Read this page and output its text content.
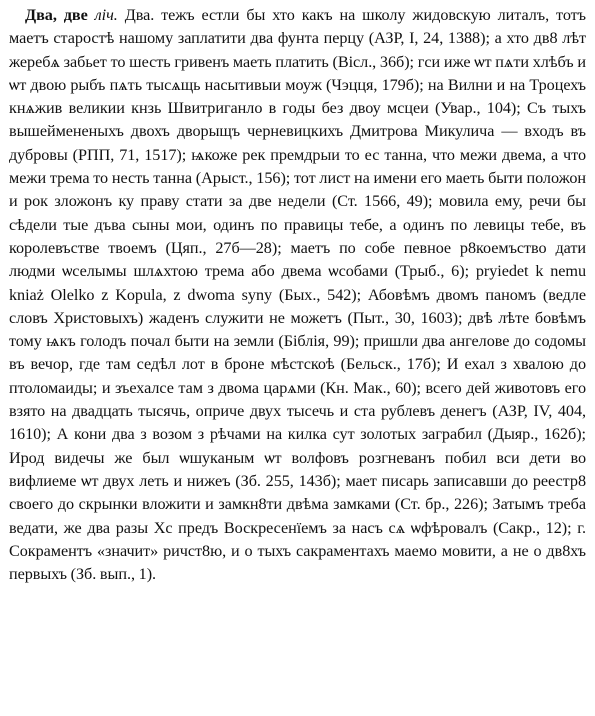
Два, две ліч. Два. тежъ естли бы хто какъ на школу жидовскую литалъ, тотъ маетъ старостѣ нашому заплатити два фунта перцу (АЗР, I, 24, 1388); а хто дв8 лѣт жеребѧ забьет то шесть гривенъ маеть платить (Вісл., 36б); гси иже ѡт пѧти хлѣбъ и ѡт двою рыбъ пѧть тысѧщь насытивыи моуж (Чэцця, 179б); на Вилни и на Троцехъ кнѧжив великии кнзь Швитриганло в годы без двоу мсцеи (Увар., 104); Съ тыхъ вышеймененыхъ двохъ дворыщъ черневицкихъ Дмитрова Микулича — входъ въ дубровы (РПП, 71, 1517); ѩкоже рек премдрыи то ес танна, что межи двема, а что межи трема то несть танна (Арыст., 156); тот лист на имени его маеть быти положон и рок зложонъ ку праву стати за две недели (Ст. 1566, 49); мовила ему, речи бы сѣдели тые дъва сыны мои, одинъ по правицы тебе, а одинъ по левицы тебе, въ королевъстве твоемъ (Цяп., 27б—28); маетъ по собе певное р8коемъство дати людми ѡселымы шлѧхтою трема або двема ѡсобами (Трыб., 6); pryiedet k nemu kniaż Olelko z Kopula, z dwoma syny (Бых., 542); Абовѣмъ двомъ паномъ (ведле словъ Христовыхъ) жаденъ служити не можетъ (Пыт., 30, 1603); двѣ лѣте бовѣмъ тому ѩкъ голодъ почал быти на земли (Біблія, 99); пришли два ангелове до содомы въ вечор, где там седѣл лот в броне мѣстскоѣ (Бельск., 17б); И ехал з хвалою до птоломаиды; и зъехалсе там з двома царѧми (Кн. Мак., 60); всего дей животовъ его взято на двадцать тысячь, оприче двух тысечь и ста рублевъ денегъ (АЗР, IV, 404, 1610); А кони два з возом з рѣчами на килка сут золотых заграбил (Дыяр., 162б); Ирод видечы же был ѡшуканым ѡт волфовъ розгневанъ побил вси дети во вифлиеме ѡт двух леть и нижеъ (Зб. 255, 143б); мает писарь записавши до реестр8 своего до скрынки вложити и замкн8ти двѣма замками (Ст. бр., 226); Затымъ треба ведати, же два разы Хс предъ Воскресенїемъ за насъ сѧ ѡфѣровалъ (Сакр., 12); г. Сокраментъ «значит» ричст8ю, и о тыхъ сакраментахъ маемо мовити, а не о дв8хъ первыхъ (Зб. вып., 1).
